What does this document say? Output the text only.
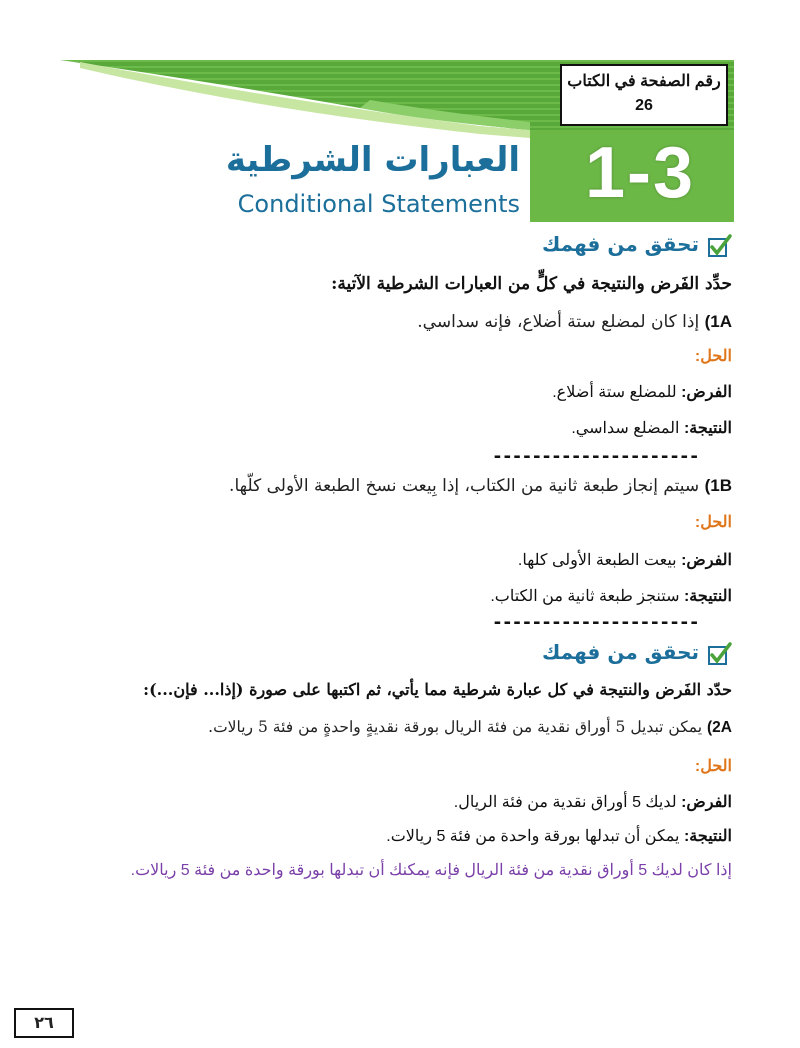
رقم الصفحة في الكتاب
26
1-3
العبارات الشرطية
Conditional Statements
تحقق من فهمك
حدِّد الفَرض والنتيجة في كلٍّ من العبارات الشرطية الآتية:
1A) إذا كان لمضلع ستة أضلاع، فإنه سداسي.
الحل:
الفرض: للمضلع ستة أضلاع.
النتيجة: المضلع سداسي.
---------------------
1B) سيتم إنجاز طبعة ثانية من الكتاب، إذا بِيعت نسخ الطبعة الأولى كلّها.
الحل:
الفرض: بيعت الطبعة الأولى كلها.
النتيجة: ستنجز طبعة ثانية من الكتاب.
---------------------
تحقق من فهمك
حدّد الفَرض والنتيجة في كل عبارة شرطية مما يأتي، ثم اكتبها على صورة (إذا... فإن...):
2A) يمكن تبديل 5 أوراق نقدية من فئة الريال بورقة نقديةٍ واحدةٍ من فئة 5 ريالات.
الحل:
الفرض: لديك 5 أوراق نقدية من فئة الريال.
النتيجة: يمكن أن تبدلها بورقة واحدة من فئة 5 ريالات.
إذا كان لديك 5 أوراق نقدية من فئة الريال فإنه يمكنك أن تبدلها بورقة واحدة من فئة 5 ريالات.
٢٦
